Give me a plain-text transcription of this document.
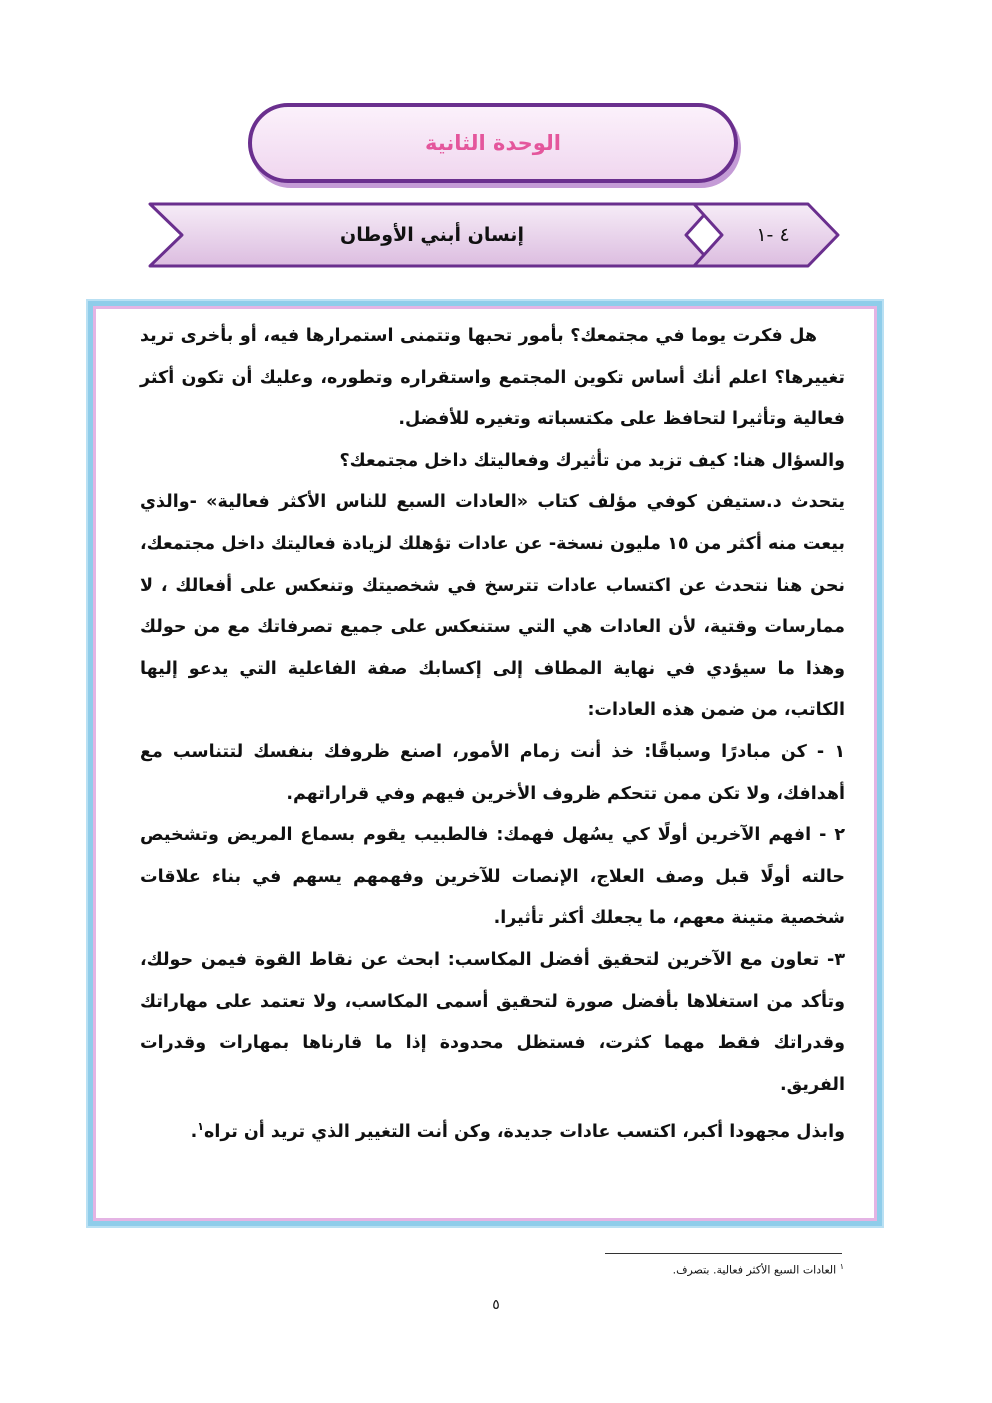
الوحدة الثانية
إنسان أبني الأوطان	٤ -١

هل فكرت يوما في مجتمعك؟ بأمور تحبها وتتمنى استمرارها فيه، أو بأخرى تريد تغييرها؟ اعلم أنك أساس تكوين المجتمع واستقراره وتطوره، وعليك أن تكون أكثر فعالية وتأثيرا لتحافظ على مكتسباته وتغيره للأفضل.

والسؤال هنا: كيف تزيد من تأثيرك وفعاليتك داخل مجتمعك؟

يتحدث د.ستيفن كوفي مؤلف كتاب «العادات السبع للناس الأكثر فعالية» -والذي بيعت منه أكثر من ١٥ مليون نسخة- عن عادات تؤهلك لزيادة فعاليتك داخل مجتمعك، نحن هنا نتحدث عن اكتساب عادات تترسخ في شخصيتك وتنعكس على أفعالك ، لا ممارسات وقتية، لأن العادات هي التي ستنعكس على جميع تصرفاتك مع من حولك وهذا ما سيؤدي في نهاية المطاف إلى إكسابك صفة الفاعلية التي يدعو إليها الكاتب، من ضمن هذه العادات:

١ - كن مبادرًا وسباقًا: خذ أنت زمام الأمور، اصنع ظروفك بنفسك لتتناسب مع أهدافك، ولا تكن ممن تتحكم ظروف الأخرين فيهم وفي قراراتهم.

٢ - افهم الآخرين أولًا كي يسُهل فهمك: فالطبيب يقوم بسماع المريض وتشخيص حالته أولًا قبل وصف العلاج، الإنصات للآخرين وفهمهم يسهم في بناء علاقات شخصية متينة معهم، ما يجعلك أكثر تأثيرا.

٣- تعاون مع الآخرين لتحقيق أفضل المكاسب: ابحث عن نقاط القوة فيمن حولك، وتأكد من استغلاها بأفضل صورة لتحقيق أسمى المكاسب، ولا تعتمد على مهاراتك وقدراتك فقط مهما كثرت، فستظل محدودة إذا ما قارناها بمهارات وقدرات الفريق.

وابذل مجهودا أكبر، اكتسب عادات جديدة، وكن أنت التغيير الذي تريد أن تراه$^١$.

$^١$ العادات السبع الأكثر فعالية. بتصرف.
٥
